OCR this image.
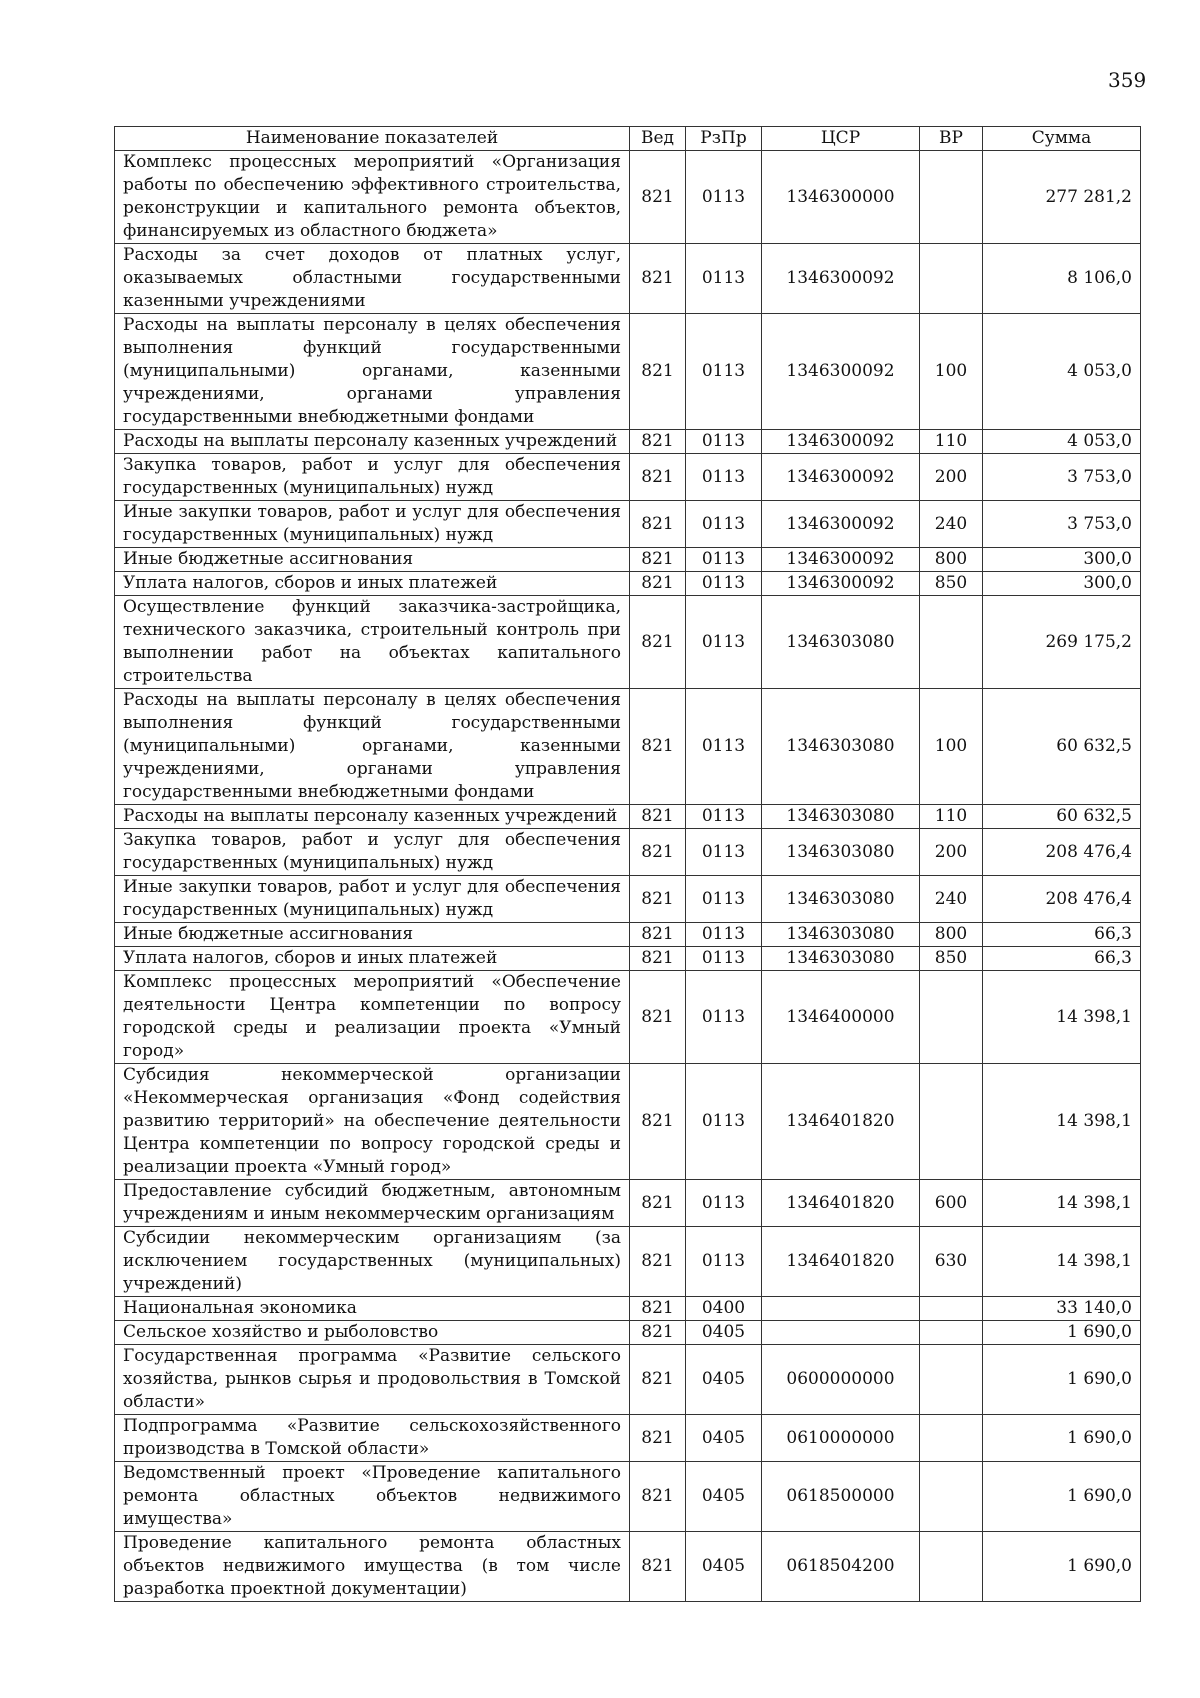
359
Наименование показателей	Вед	РзПр	ЦСР	ВР	Сумма
Комплекс процессных мероприятий «Организация работы по обеспечению эффективного строительства, реконструкции и капитального ремонта объектов, финансируемых из областного бюджета»	821	0113	1346300000		277 281,2
Расходы за счет доходов от платных услуг, оказываемых областными государственными казенными учреждениями	821	0113	1346300092		8 106,0
Расходы на выплаты персоналу в целях обеспечения выполнения функций государственными (муниципальными) органами, казенными учреждениями, органами управления государственными внебюджетными фондами	821	0113	1346300092	100	4 053,0
Расходы на выплаты персоналу казенных учреждений	821	0113	1346300092	110	4 053,0
Закупка товаров, работ и услуг для обеспечения государственных (муниципальных) нужд	821	0113	1346300092	200	3 753,0
Иные закупки товаров, работ и услуг для обеспечения государственных (муниципальных) нужд	821	0113	1346300092	240	3 753,0
Иные бюджетные ассигнования	821	0113	1346300092	800	300,0
Уплата налогов, сборов и иных платежей	821	0113	1346300092	850	300,0
Осуществление функций заказчика-застройщика, технического заказчика, строительный контроль при выполнении работ на объектах капитального строительства	821	0113	1346303080		269 175,2
Расходы на выплаты персоналу в целях обеспечения выполнения функций государственными (муниципальными) органами, казенными учреждениями, органами управления государственными внебюджетными фондами	821	0113	1346303080	100	60 632,5
Расходы на выплаты персоналу казенных учреждений	821	0113	1346303080	110	60 632,5
Закупка товаров, работ и услуг для обеспечения государственных (муниципальных) нужд	821	0113	1346303080	200	208 476,4
Иные закупки товаров, работ и услуг для обеспечения государственных (муниципальных) нужд	821	0113	1346303080	240	208 476,4
Иные бюджетные ассигнования	821	0113	1346303080	800	66,3
Уплата налогов, сборов и иных платежей	821	0113	1346303080	850	66,3
Комплекс процессных мероприятий «Обеспечение деятельности Центра компетенции по вопросу городской среды и реализации проекта «Умный город»	821	0113	1346400000		14 398,1
Субсидия некоммерческой организации «Некоммерческая организация «Фонд содействия развитию территорий» на обеспечение деятельности Центра компетенции по вопросу городской среды и реализации проекта «Умный город»	821	0113	1346401820		14 398,1
Предоставление субсидий бюджетным, автономным учреждениям и иным некоммерческим организациям	821	0113	1346401820	600	14 398,1
Субсидии некоммерческим организациям (за исключением государственных (муниципальных) учреждений)	821	0113	1346401820	630	14 398,1
Национальная экономика	821	0400			33 140,0
Сельское хозяйство и рыболовство	821	0405			1 690,0
Государственная программа «Развитие сельского хозяйства, рынков сырья и продовольствия в Томской области»	821	0405	0600000000		1 690,0
Подпрограмма «Развитие сельскохозяйственного производства в Томской области»	821	0405	0610000000		1 690,0
Ведомственный проект «Проведение капитального ремонта областных объектов недвижимого имущества»	821	0405	0618500000		1 690,0
Проведение капитального ремонта областных объектов недвижимого имущества (в том числе разработка проектной документации)	821	0405	0618504200		1 690,0
